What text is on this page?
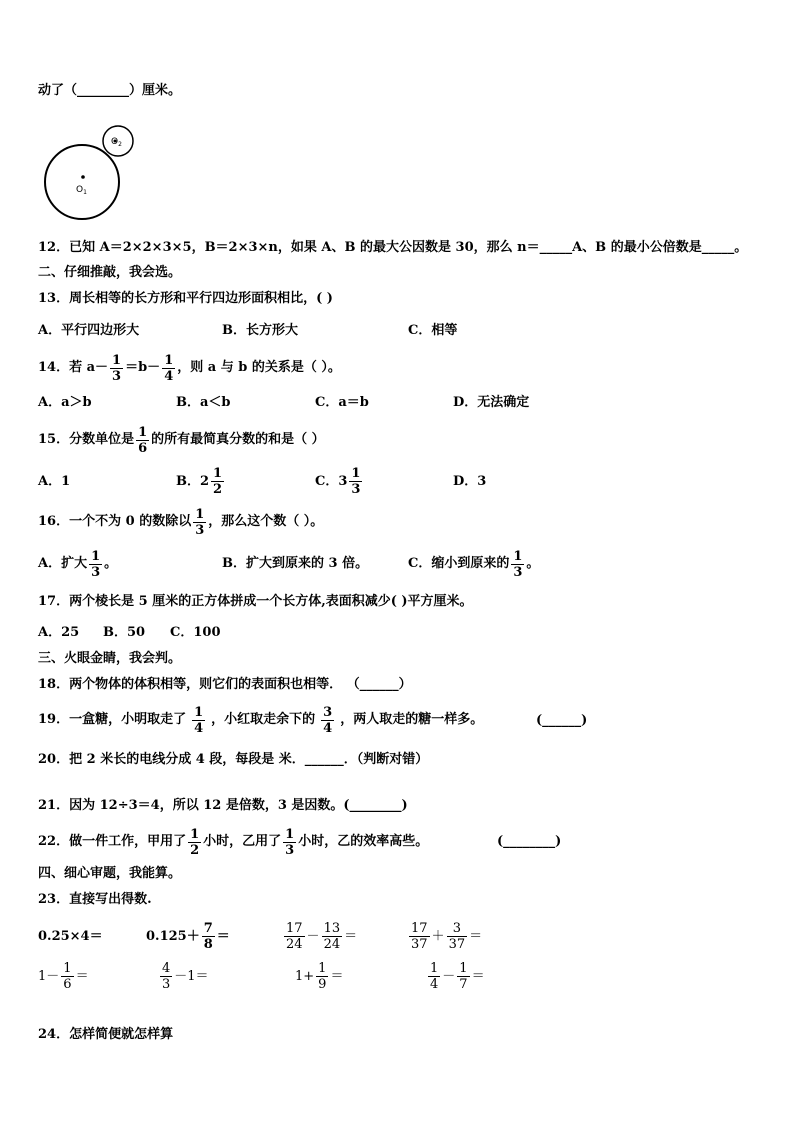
动了（________）厘米。
$O_1$
$O_2$
12．已知 A＝2×2×3×5，B＝2×3×n，如果 A、B 的最大公因数是 30，那么 n＝_____A、B 的最小公倍数是_____。
二、仔细推敲，我会选。
13．周长相等的长方形和平行四边形面积相比，( )
A．平行四边形大	B．长方形大	C．相等
14．若 $a- \frac{1}{3} =b- \frac{1}{4}$ ，则 a 与 b 的关系是（ ）。
A．a＞b	B．a＜b	C．a＝b	D．无法确定
15．分数单位是 $\frac{1}{6}$ 的所有最简真分数的和是（ ）
A．1	B． $2 \frac{1}{2}$	C． $3 \frac{1}{3}$	D．3
16．一个不为 0 的数除以 $\frac{1}{3}$ ，那么这个数（ ）。
A．扩大 $\frac{1}{3}$ 。	B．扩大到原来的 3 倍。	C．缩小到原来的 $\frac{1}{3}$ 。
17．两个棱长是 5 厘米的正方体拼成一个长方体,表面积减少( )平方厘米。
A．25 B．50 C．100
三、火眼金睛，我会判。
18．两个物体的体积相等，则它们的表面积也相等． （______）
19．一盒糖，小明取走了 $\frac{1}{4}$ ，小红取走余下的 $\frac{3}{4}$ ，两人取走的糖一样多。	(______)
20．把 2 米长的电线分成 4 段，每段是 米．______．（判断对错）
21．因为 12÷3＝4，所以 12 是倍数，3 是因数。(________)
22．做一件工作，甲用了 $\frac{1}{2}$ 小时，乙用了 $\frac{1}{3}$ 小时，乙的效率高些。	(________)
四、细心审题，我能算。
23．直接写出得数.
0.25×4＝	$0.125+ \frac{7}{8}$ ＝	$\frac{17}{24} - \frac{13}{24}$ ＝	$\frac{17}{37} + \frac{3}{37}$ ＝
$1- \frac{1}{6}$ ＝	$\frac{4}{3} -1=$	$1+ \frac{1}{9}$ ＝	$\frac{1}{4} - \frac{1}{7}$ ＝
24．怎样简便就怎样算
